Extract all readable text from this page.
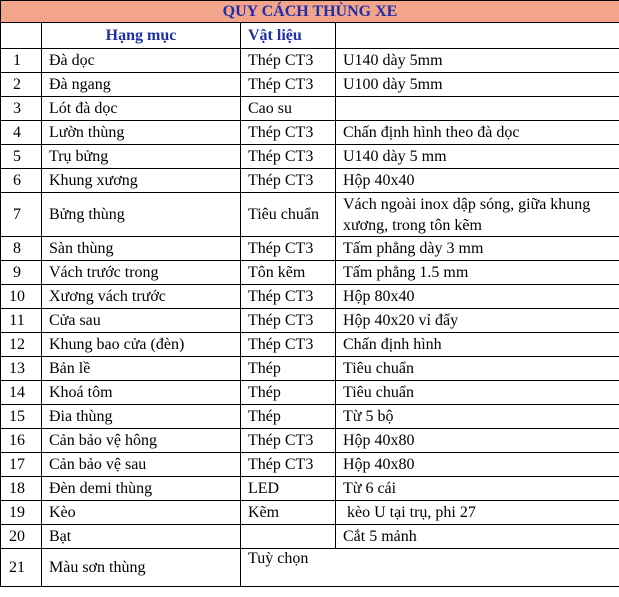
QUY CÁCH THÙNG XE			
	Hạng mục	Vật liệu	
1	Đà dọc	Thép CT3	U140 dày 5mm
2	Đà ngang	Thép CT3	U100 dày 5mm
3	Lót đà dọc	Cao su	
4	Lườn thùng	Thép CT3	Chấn định hình theo đà dọc
5	Trụ bửng	Thép CT3	U140 dày 5 mm
6	Khung xương	Thép CT3	Hộp 40x40
7	Bửng thùng	Tiêu chuẩn	Vách ngoài inox dập sóng, giữa khung xương, trong tôn kẽm
8	Sàn thùng	Thép CT3	Tấm phẳng dày 3 mm
9	Vách trước trong	Tôn kẽm	Tấm phẳng 1.5 mm
10	Xương vách trước	Thép CT3	Hộp 80x40
11	Cửa sau	Thép CT3	Hộp 40x20 vỉ đẩy
12	Khung bao cửa (đèn)	Thép CT3	Chấn định hình
13	Bản lề	Thép	Tiêu chuẩn
14	Khoá tôm	Thép	Tiêu chuẩn
15	Đia thùng	Thép	Từ 5 bộ
16	Cản bảo vệ hông	Thép CT3	Hộp 40x80
17	Cản bảo vệ sau	Thép CT3	Hộp 40x80
18	Đèn demi thùng	LED	Từ 6 cái
19	Kèo	Kẽm	kèo U tại trụ, phi 27
20	Bạt		Cắt 5 mảnh
21	Màu sơn thùng	Tuỳ chọn	
